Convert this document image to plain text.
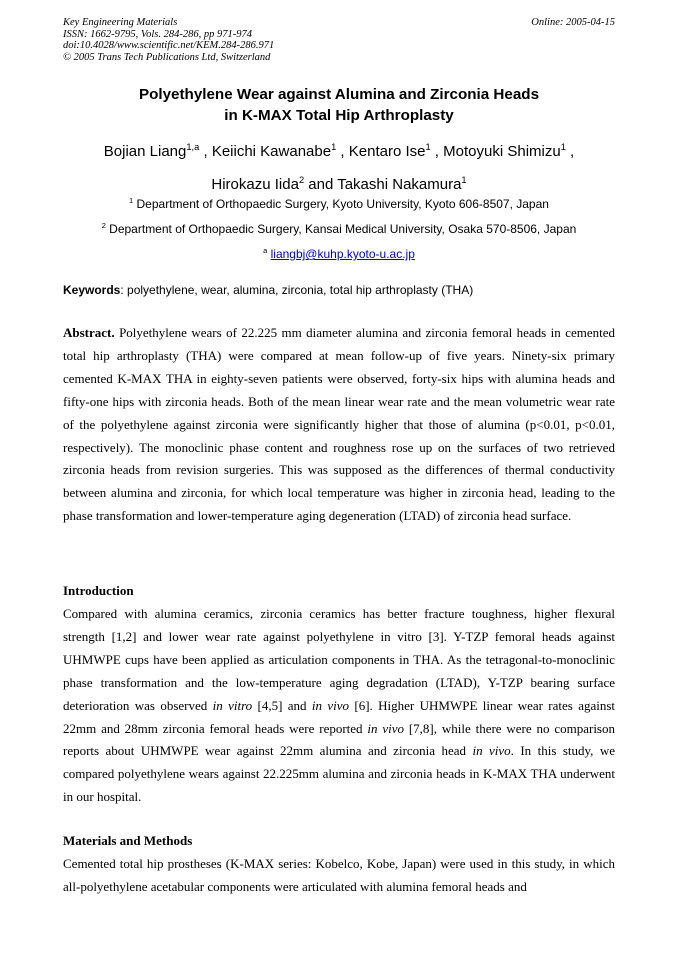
Key Engineering Materials
ISSN: 1662-9795, Vols. 284-286, pp 971-974
doi:10.4028/www.scientific.net/KEM.284-286.971
© 2005 Trans Tech Publications Ltd, Switzerland
Online: 2005-04-15
Polyethylene Wear against Alumina and Zirconia Heads
in K-MAX Total Hip Arthroplasty
Bojian Liang$^{1,a}$ , Keiichi Kawanabe$^1$ , Kentaro Ise$^1$ , Motoyuki Shimizu$^1$ ,
Hirokazu Iida$^2$ and Takashi Nakamura$^1$
$^1$ Department of Orthopaedic Surgery, Kyoto University, Kyoto 606-8507, Japan
$^2$ Department of Orthopaedic Surgery, Kansai Medical University, Osaka 570-8506, Japan
$^a$ liangbj@kuhp.kyoto-u.ac.jp
Keywords: polyethylene, wear, alumina, zirconia, total hip arthroplasty (THA)
Abstract. Polyethylene wears of 22.225 mm diameter alumina and zirconia femoral heads in cemented total hip arthroplasty (THA) were compared at mean follow-up of five years. Ninety-six primary cemented K-MAX THA in eighty-seven patients were observed, forty-six hips with alumina heads and fifty-one hips with zirconia heads. Both of the mean linear wear rate and the mean volumetric wear rate of the polyethylene against zirconia were significantly higher that those of alumina (p<0.01, p<0.01, respectively). The monoclinic phase content and roughness rose up on the surfaces of two retrieved zirconia heads from revision surgeries. This was supposed as the differences of thermal conductivity between alumina and zirconia, for which local temperature was higher in zirconia head, leading to the phase transformation and lower-temperature aging degeneration (LTAD) of zirconia head surface.
Introduction
Compared with alumina ceramics, zirconia ceramics has better fracture toughness, higher flexural strength [1,2] and lower wear rate against polyethylene in vitro [3]. Y-TZP femoral heads against UHMWPE cups have been applied as articulation components in THA. As the tetragonal-to-monoclinic phase transformation and the low-temperature aging degradation (LTAD), Y-TZP bearing surface deterioration was observed in vitro [4,5] and in vivo [6]. Higher UHMWPE linear wear rates against 22mm and 28mm zirconia femoral heads were reported in vivo [7,8], while there were no comparison reports about UHMWPE wear against 22mm alumina and zirconia head in vivo. In this study, we compared polyethylene wears against 22.225mm alumina and zirconia heads in K-MAX THA underwent in our hospital.
Materials and Methods
Cemented total hip prostheses (K-MAX series: Kobelco, Kobe, Japan) were used in this study, in which all-polyethylene acetabular components were articulated with alumina femoral heads and
